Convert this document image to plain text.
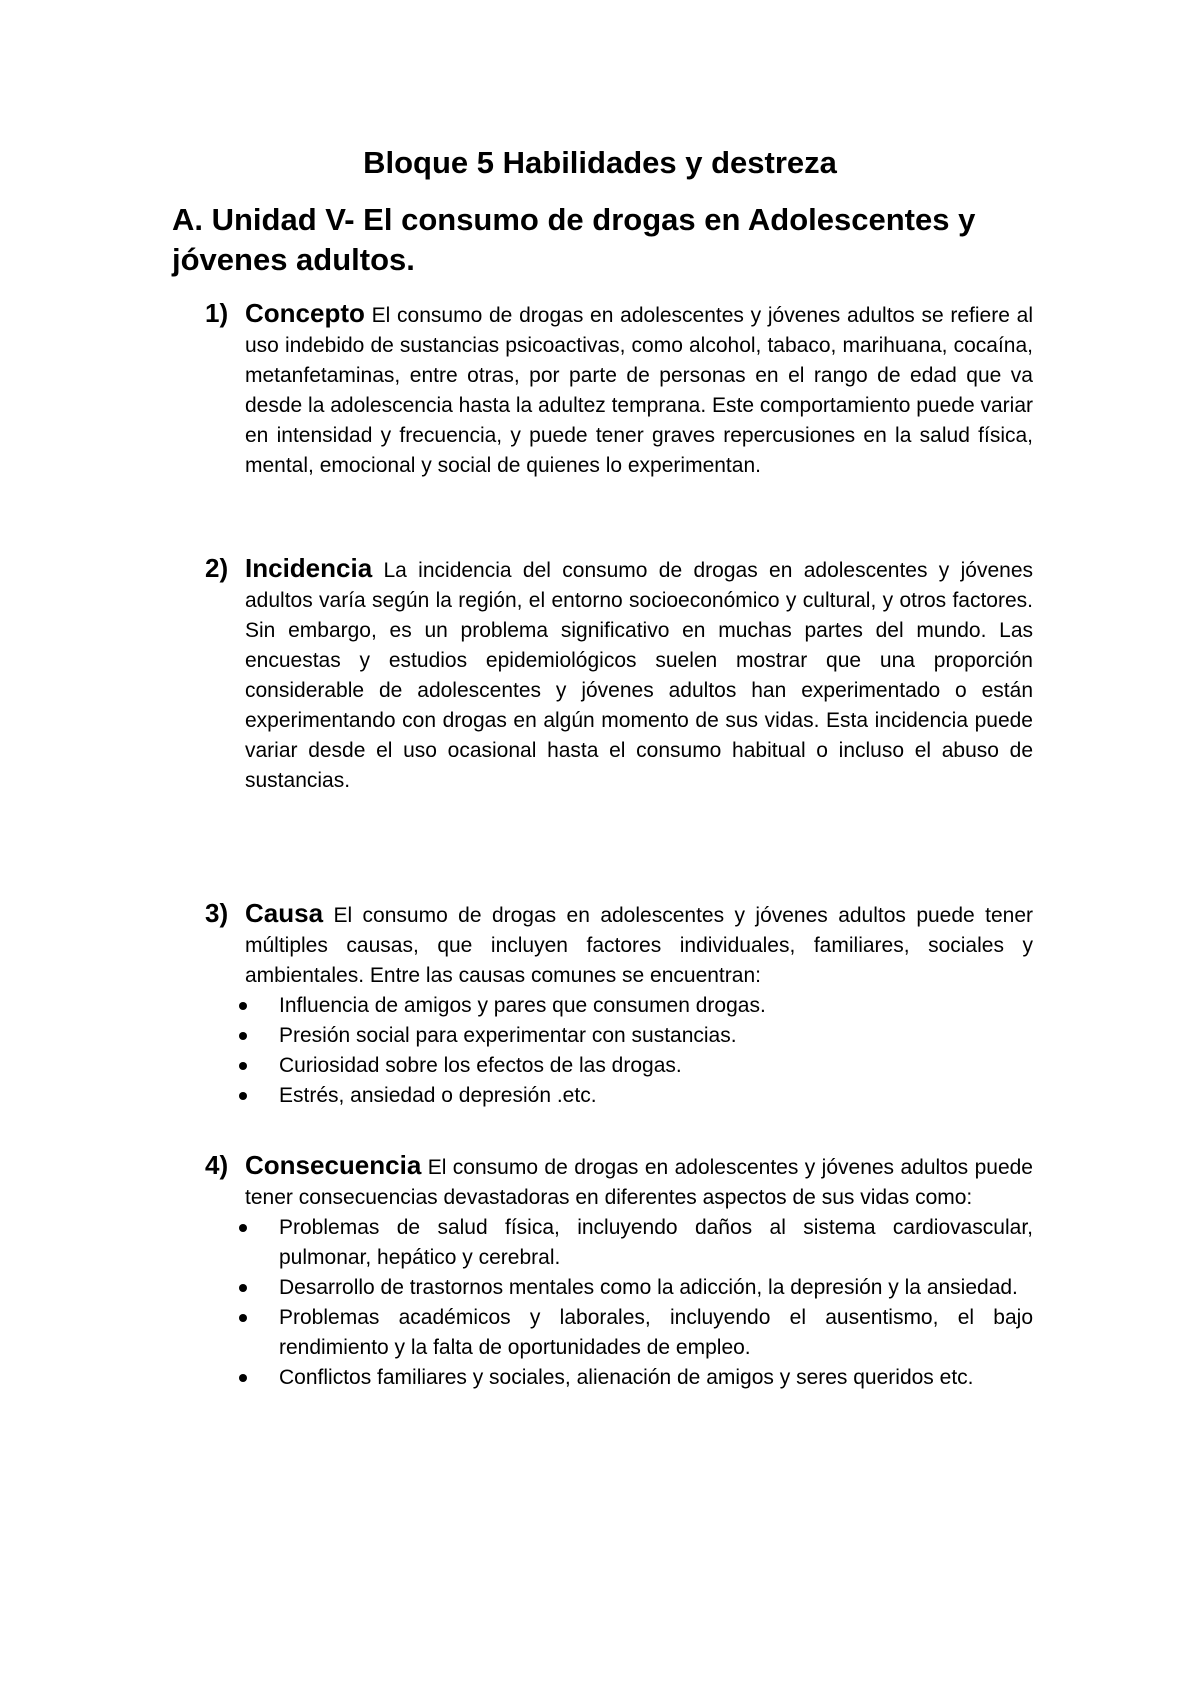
Bloque 5 Habilidades y destreza
A. Unidad V- El consumo de drogas en Adolescentes y jóvenes adultos.
1) Concepto El consumo de drogas en adolescentes y jóvenes adultos se refiere al uso indebido de sustancias psicoactivas, como alcohol, tabaco, marihuana, cocaína, metanfetaminas, entre otras, por parte de personas en el rango de edad que va desde la adolescencia hasta la adultez temprana. Este comportamiento puede variar en intensidad y frecuencia, y puede tener graves repercusiones en la salud física, mental, emocional y social de quienes lo experimentan.

2) Incidencia La incidencia del consumo de drogas en adolescentes y jóvenes adultos varía según la región, el entorno socioeconómico y cultural, y otros factores. Sin embargo, es un problema significativo en muchas partes del mundo. Las encuestas y estudios epidemiológicos suelen mostrar que una proporción considerable de adolescentes y jóvenes adultos han experimentado o están experimentando con drogas en algún momento de sus vidas. Esta incidencia puede variar desde el uso ocasional hasta el consumo habitual o incluso el abuso de sustancias.

3) Causa El consumo de drogas en adolescentes y jóvenes adultos puede tener múltiples causas, que incluyen factores individuales, familiares, sociales y ambientales. Entre las causas comunes se encuentran:

Influencia de amigos y pares que consumen drogas.
Presión social para experimentar con sustancias.
Curiosidad sobre los efectos de las drogas.
Estrés, ansiedad o depresión .etc.
4) Consecuencia El consumo de drogas en adolescentes y jóvenes adultos puede tener consecuencias devastadoras en diferentes aspectos de sus vidas como:

Problemas de salud física, incluyendo daños al sistema cardiovascular, pulmonar, hepático y cerebral.
Desarrollo de trastornos mentales como la adicción, la depresión y la ansiedad.
Problemas académicos y laborales, incluyendo el ausentismo, el bajo rendimiento y la falta de oportunidades de empleo.
Conflictos familiares y sociales, alienación de amigos y seres queridos etc.
